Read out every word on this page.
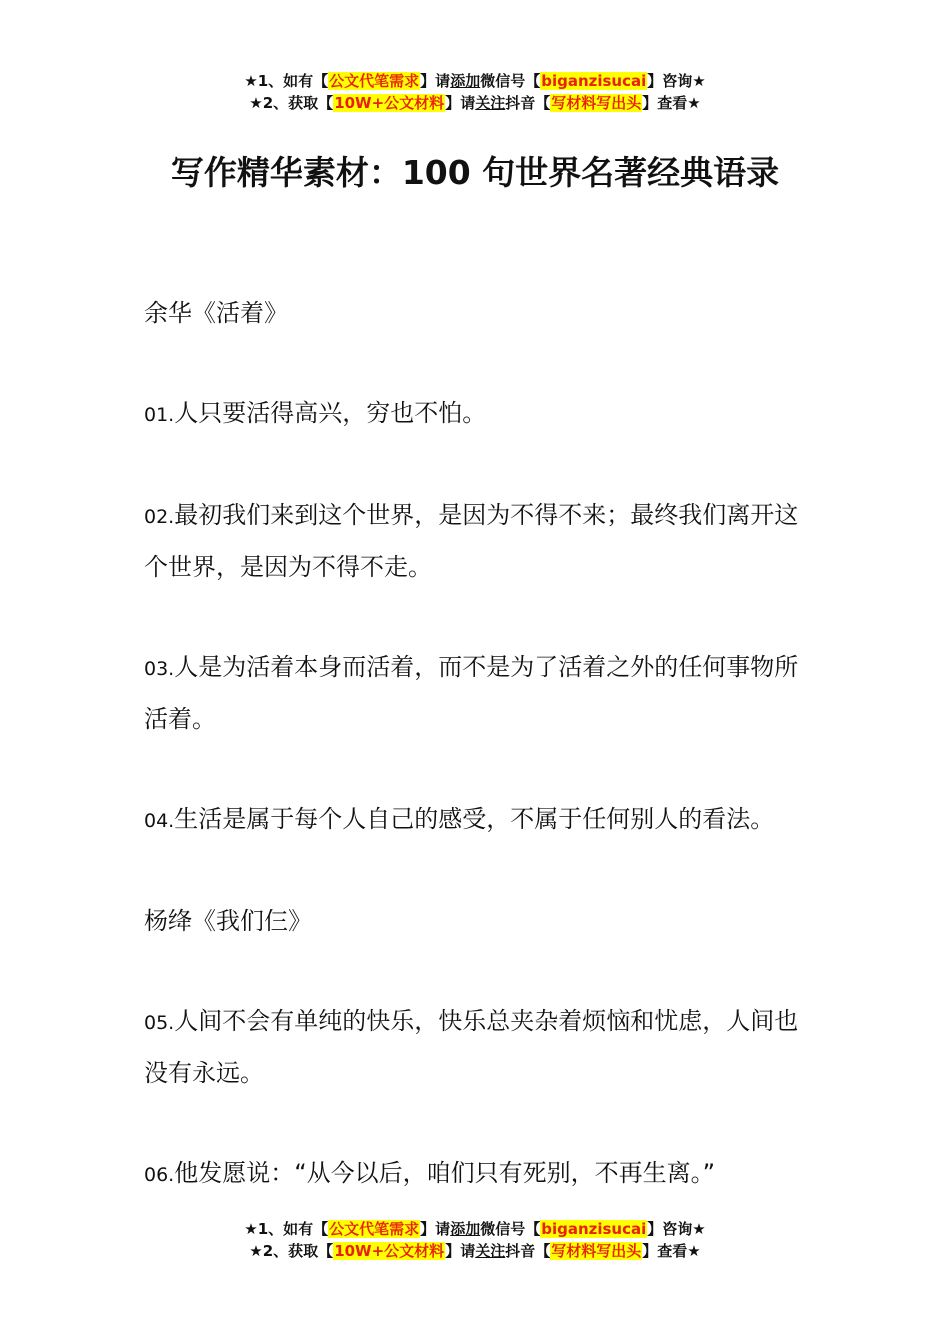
★1、如有【公文代笔需求】请添加微信号【biganzisucai】咨询★
★2、获取【10W+公文材料】请关注抖音【写材料写出头】查看★
写作精华素材：100 句世界名著经典语录

余华《活着》

01.人只要活得高兴，穷也不怕。

02.最初我们来到这个世界，是因为不得不来；最终我们离开这个世界，是因为不得不走。

03.人是为活着本身而活着，而不是为了活着之外的任何事物所活着。

04.生活是属于每个人自己的感受，不属于任何别人的看法。

杨绛《我们仨》

05.人间不会有单纯的快乐，快乐总夹杂着烦恼和忧虑，人间也没有永远。

06.他发愿说：“从今以后，咱们只有死别，不再生离。”

★1、如有【公文代笔需求】请添加微信号【biganzisucai】咨询★
★2、获取【10W+公文材料】请关注抖音【写材料写出头】查看★
